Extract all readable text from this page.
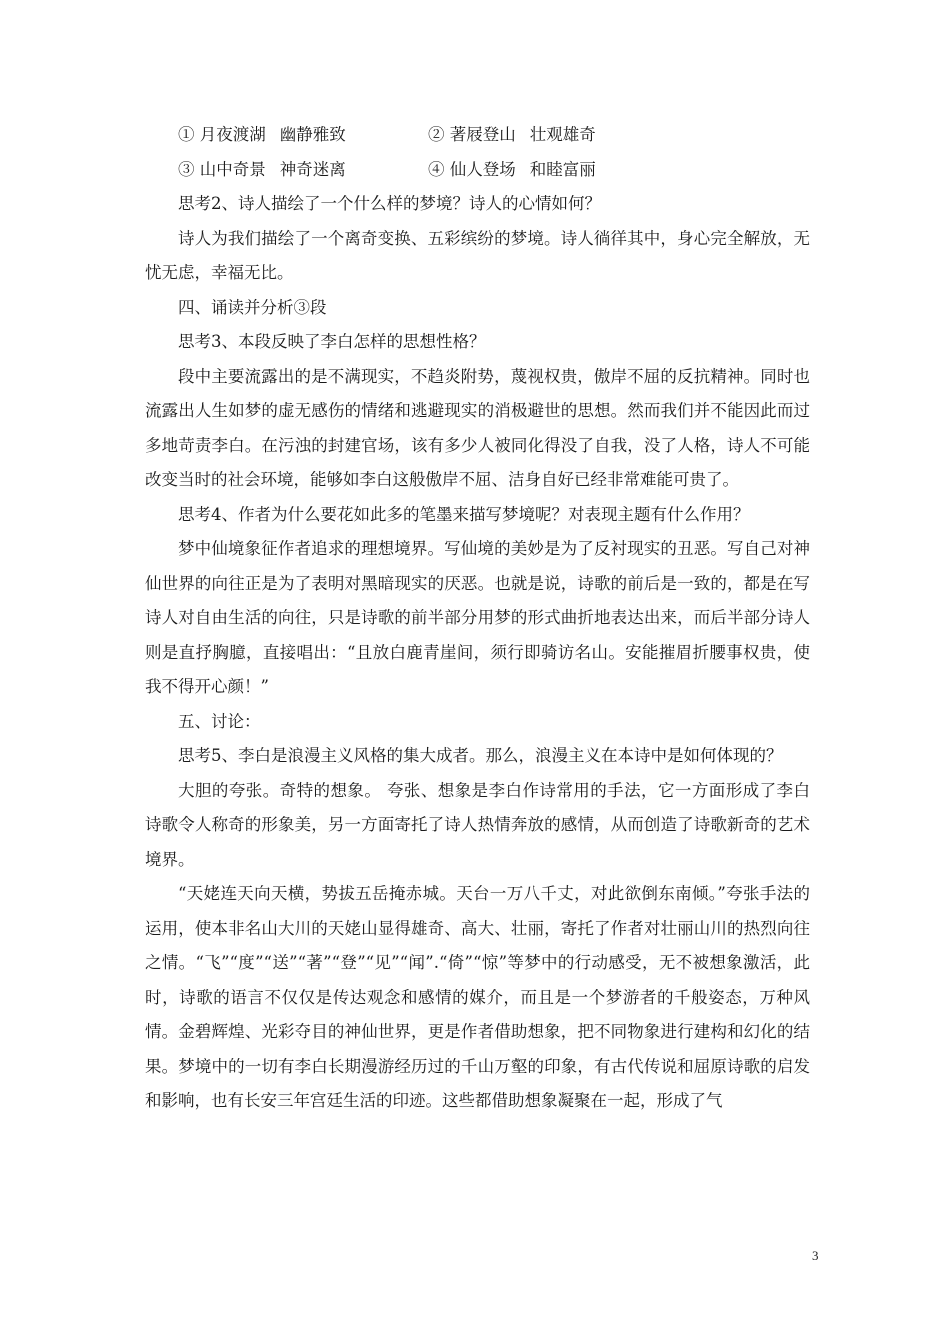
① 月夜渡湖 幽静雅致	② 著屐登山 壮观雄奇
③ 山中奇景 神奇迷离	④ 仙人登场 和睦富丽
思考2、诗人描绘了一个什么样的梦境？诗人的心情如何？

诗人为我们描绘了一个离奇变换、五彩缤纷的梦境。诗人徜徉其中，身心完全解放，无忧无虑，幸福无比。

四、诵读并分析③段
思考3、本段反映了李白怎样的思想性格？

段中主要流露出的是不满现实，不趋炎附势，蔑视权贵，傲岸不屈的反抗精神。同时也流露出人生如梦的虚无感伤的情绪和逃避现实的消极避世的思想。然而我们并不能因此而过多地苛责李白。在污浊的封建官场，该有多少人被同化得没了自我，没了人格，诗人不可能改变当时的社会环境，能够如李白这般傲岸不屈、洁身自好已经非常难能可贵了。

思考4、作者为什么要花如此多的笔墨来描写梦境呢？对表现主题有什么作用？

梦中仙境象征作者追求的理想境界。写仙境的美妙是为了反衬现实的丑恶。写自己对神仙世界的向往正是为了表明对黑暗现实的厌恶。也就是说，诗歌的前后是一致的，都是在写诗人对自由生活的向往，只是诗歌的前半部分用梦的形式曲折地表达出来，而后半部分诗人则是直抒胸臆，直接唱出：“且放白鹿青崖间，须行即骑访名山。安能摧眉折腰事权贵，使我不得开心颜！”

五、讨论：
思考5、李白是浪漫主义风格的集大成者。那么，浪漫主义在本诗中是如何体现的？

大胆的夸张。奇特的想象。 夸张、想象是李白作诗常用的手法，它一方面形成了李白诗歌令人称奇的形象美，另一方面寄托了诗人热情奔放的感情，从而创造了诗歌新奇的艺术境界。

“天姥连天向天横，势拔五岳掩赤城。天台一万八千丈，对此欲倒东南倾。”夸张手法的运用，使本非名山大川的天姥山显得雄奇、高大、壮丽，寄托了作者对壮丽山川的热烈向往之情。“飞”“度”“送”“著”“登”“见”“闻”.“倚”“惊”等梦中的行动感受，无不被想象激活，此时，诗歌的语言不仅仅是传达观念和感情的媒介，而且是一个梦游者的千般姿态，万种风情。金碧辉煌、光彩夺目的神仙世界，更是作者借助想象，把不同物象进行建构和幻化的结果。梦境中的一切有李白长期漫游经历过的千山万壑的印象，有古代传说和屈原诗歌的启发和影响，也有长安三年宫廷生活的印迹。这些都借助想象凝聚在一起，形成了气

3
